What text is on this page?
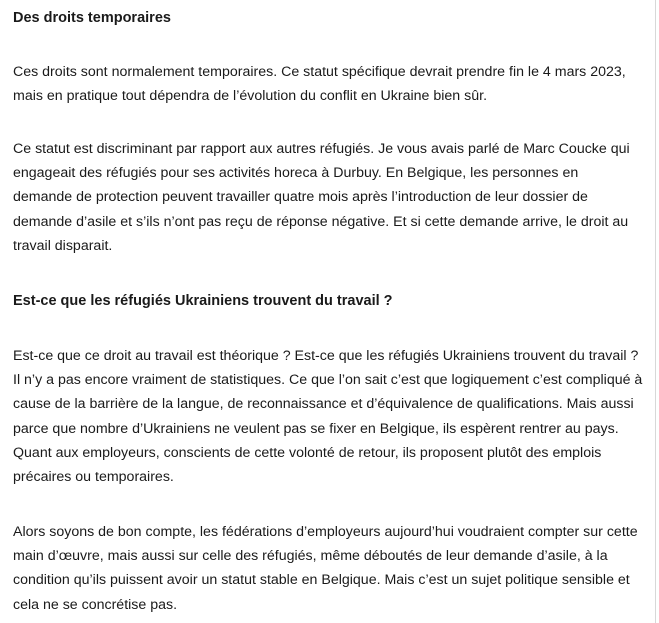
Des droits temporaires

Ces droits sont normalement temporaires. Ce statut spécifique devrait prendre fin le 4 mars 2023,
mais en pratique tout dépendra de l’évolution du conflit en Ukraine bien sûr.

Ce statut est discriminant par rapport aux autres réfugiés. Je vous avais parlé de Marc Coucke qui
engageait des réfugiés pour ses activités horeca à Durbuy. En Belgique, les personnes en
demande de protection peuvent travailler quatre mois après l’introduction de leur dossier de
demande d’asile et s’ils n’ont pas reçu de réponse négative. Et si cette demande arrive, le droit au
travail disparait.

Est-ce que les réfugiés Ukrainiens trouvent du travail ?

Est-ce que ce droit au travail est théorique ? Est-ce que les réfugiés Ukrainiens trouvent du travail ?
Il n’y a pas encore vraiment de statistiques. Ce que l’on sait c’est que logiquement c’est compliqué à
cause de la barrière de la langue, de reconnaissance et d’équivalence de qualifications. Mais aussi
parce que nombre d’Ukrainiens ne veulent pas se fixer en Belgique, ils espèrent rentrer au pays.
Quant aux employeurs, conscients de cette volonté de retour, ils proposent plutôt des emplois
précaires ou temporaires.

Alors soyons de bon compte, les fédérations d’employeurs aujourd’hui voudraient compter sur cette
main d’œuvre, mais aussi sur celle des réfugiés, même déboutés de leur demande d’asile, à la
condition qu’ils puissent avoir un statut stable en Belgique. Mais c’est un sujet politique sensible et
cela ne se concrétise pas.
